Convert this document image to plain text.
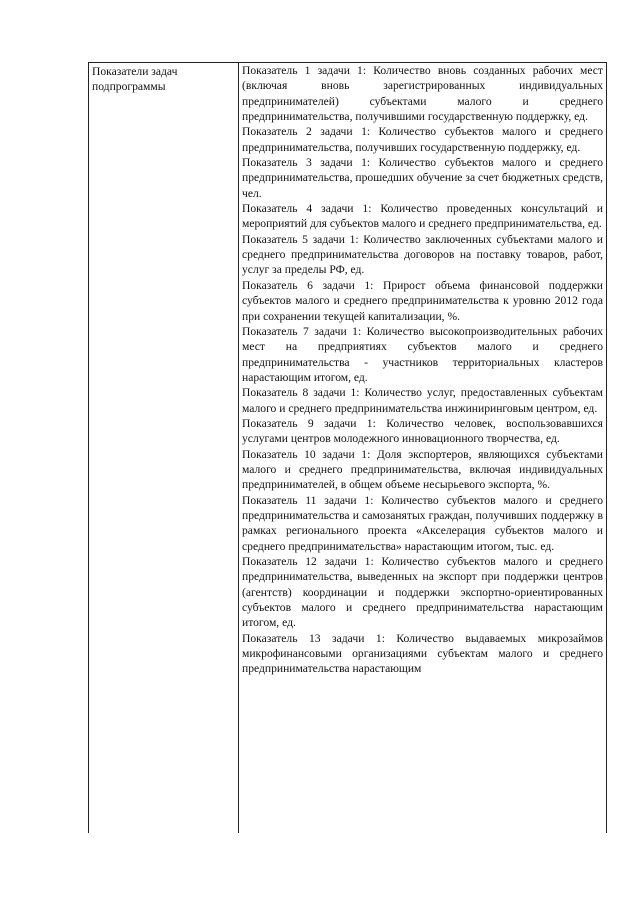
Показатели задач подпрограммы

Показатель 1 задачи 1: Количество вновь созданных рабочих мест (включая вновь зарегистрированных индивидуальных предпринимателей) субъектами малого и среднего предпринимательства, получившими государственную поддержку, ед.

Показатель 2 задачи 1: Количество субъектов малого и среднего предпринимательства, получивших государственную поддержку, ед.

Показатель 3 задачи 1: Количество субъектов малого и среднего предпринимательства, прошедших обучение за счет бюджетных средств, чел.

Показатель 4 задачи 1: Количество проведенных консультаций и мероприятий для субъектов малого и среднего предпринимательства, ед.

Показатель 5 задачи 1: Количество заключенных субъектами малого и среднего предпринимательства договоров на поставку товаров, работ, услуг за пределы РФ, ед.

Показатель 6 задачи 1: Прирост объема финансовой поддержки субъектов малого и среднего предпринимательства к уровню 2012 года при сохранении текущей капитализации, %.

Показатель 7 задачи 1: Количество высокопроизводительных рабочих мест на предприятиях субъектов малого и среднего предпринимательства - участников территориальных кластеров нарастающим итогом, ед.

Показатель 8 задачи 1: Количество услуг, предоставленных субъектам малого и среднего предпринимательства инжиниринговым центром, ед.

Показатель 9 задачи 1: Количество человек, воспользовавшихся услугами центров молодежного инновационного творчества, ед.

Показатель 10 задачи 1: Доля экспортеров, являющихся субъектами малого и среднего предпринимательства, включая индивидуальных предпринимателей, в общем объеме несырьевого экспорта, %.

Показатель 11 задачи 1: Количество субъектов малого и среднего предпринимательства и самозанятых граждан, получивших поддержку в рамках регионального проекта «Акселерация субъектов малого и среднего предпринимательства» нарастающим итогом, тыс. ед.

Показатель 12 задачи 1: Количество субъектов малого и среднего предпринимательства, выведенных на экспорт при поддержки центров (агентств) координации и поддержки экспортно-ориентированных субъектов малого и среднего предпринимательства нарастающим итогом, ед.

Показатель 13 задачи 1: Количество выдаваемых микрозаймов микрофинансовыми организациями субъектам малого и среднего предпринимательства нарастающим
